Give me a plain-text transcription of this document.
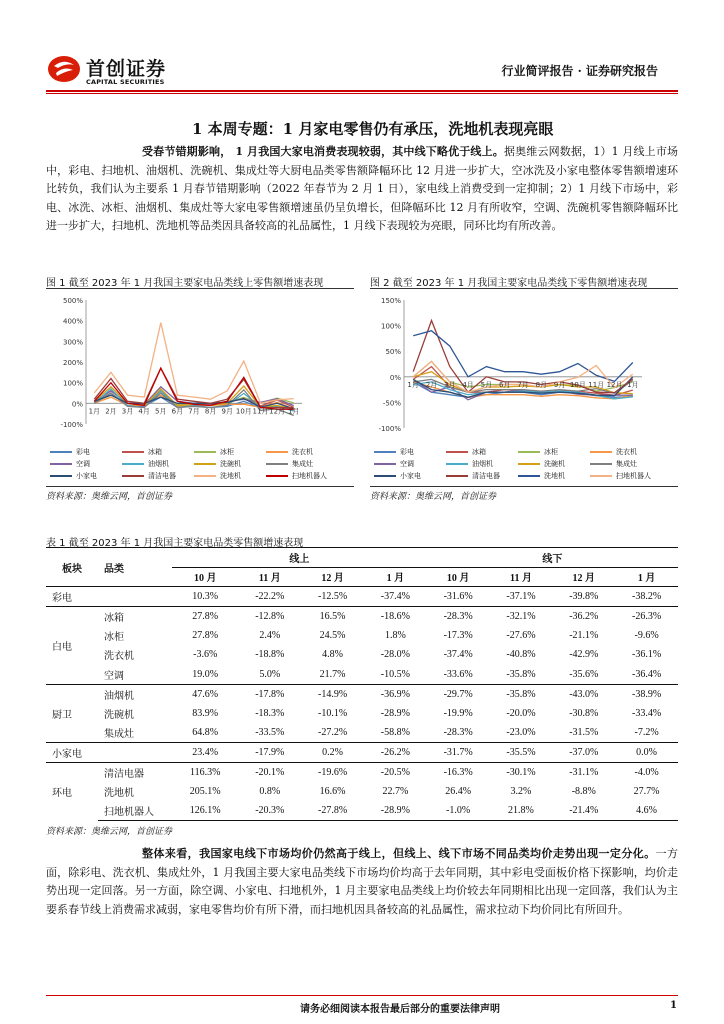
首创证券
CAPITAL SECURITIES
行业简评报告 · 证券研究报告
1 本周专题：1 月家电零售仍有承压，洗地机表现亮眼
受春节错期影响， 1 月我国大家电消费表现较弱，其中线下略优于线上。据奥维云网数据，1）1 月线上市场中，彩电、扫地机、油烟机、洗碗机、集成灶等大厨电品类零售额降幅环比 12 月进一步扩大，空冰洗及小家电整体零售额增速环比转负，我们认为主要系 1 月春节错期影响（2022 年春节为 2 月 1 日），家电线上消费受到一定抑制；2）1 月线下市场中，彩电、冰洗、冰柜、油烟机、集成灶等大家电零售额增速虽仍呈负增长，但降幅环比 12 月有所收窄，空调、洗碗机零售额降幅环比进一步扩大，扫地机、洗地机等品类因具备较高的礼品属性，1 月线下表现较为亮眼，同环比均有所改善。
图 1 截至 2023 年 1 月我国主要家电品类线上零售额增速表现
500%
400%
300%
200%
100%
0%
-100%
1月 2月 3月 4月 5月 6月 7月 8月 9月 10月 11月 12月 1月
彩电	冰箱	冰柜	洗衣机
空调	油烟机	洗碗机	集成灶
小家电	清洁电器	洗地机	扫地机器人
资料来源：奥维云网，首创证券
图 2 截至 2023 年 1 月我国主要家电品类线下零售额增速表现
150%
100%
50%
0%
-50%
-100%
1月 2月 3月 4月 5月 6月 7月 8月 9月 10月 11月 12月 1月
彩电	冰箱	冰柜	洗衣机
空调	油烟机	洗碗机	集成灶
小家电	清洁电器	洗地机	扫地机器人
资料来源：奥维云网，首创证券
表 1 截至 2023 年 1 月我国主要家电品类零售额增速表现
板块	品类	线上				线下			
		10 月	11 月	12 月	1 月	10 月	11 月	12 月	1 月
彩电		10.3%	-22.2%	-12.5%	-37.4%	-31.6%	-37.1%	-39.8%	-38.2%
白电	冰箱	27.8%	-12.8%	16.5%	-18.6%	-28.3%	-32.1%	-36.2%	-26.3%
	冰柜	27.8%	2.4%	24.5%	1.8%	-17.3%	-27.6%	-21.1%	-9.6%
	洗衣机	-3.6%	-18.8%	4.8%	-28.0%	-37.4%	-40.8%	-42.9%	-36.1%
	空调	19.0%	5.0%	21.7%	-10.5%	-33.6%	-35.8%	-35.6%	-36.4%
厨卫	油烟机	47.6%	-17.8%	-14.9%	-36.9%	-29.7%	-35.8%	-43.0%	-38.9%
	洗碗机	83.9%	-18.3%	-10.1%	-28.9%	-19.9%	-20.0%	-30.8%	-33.4%
	集成灶	64.8%	-33.5%	-27.2%	-58.8%	-28.3%	-23.0%	-31.5%	-7.2%
小家电		23.4%	-17.9%	0.2%	-26.2%	-31.7%	-35.5%	-37.0%	0.0%
环电	清洁电器	116.3%	-20.1%	-19.6%	-20.5%	-16.3%	-30.1%	-31.1%	-4.0%
	洗地机	205.1%	0.8%	16.6%	22.7%	26.4%	3.2%	-8.8%	27.7%
	扫地机器人	126.1%	-20.3%	-27.8%	-28.9%	-1.0%	21.8%	-21.4%	4.6%
资料来源：奥维云网，首创证券
整体来看，我国家电线下市场均价仍然高于线上，但线上、线下市场不同品类均价走势出现一定分化。一方面，除彩电、洗衣机、集成灶外，1 月我国主要大家电品类线下市场均价均高于去年同期，其中彩电受面板价格下探影响，均价走势出现一定回落。另一方面，除空调、小家电、扫地机外，1 月主要家电品类线上均价较去年同期相比出现一定回落，我们认为主要系春节线上消费需求减弱，家电零售均价有所下滑，而扫地机因具备较高的礼品属性，需求拉动下均价同比有所回升。
请务必细阅读本报告最后部分的重要法律声明	1
